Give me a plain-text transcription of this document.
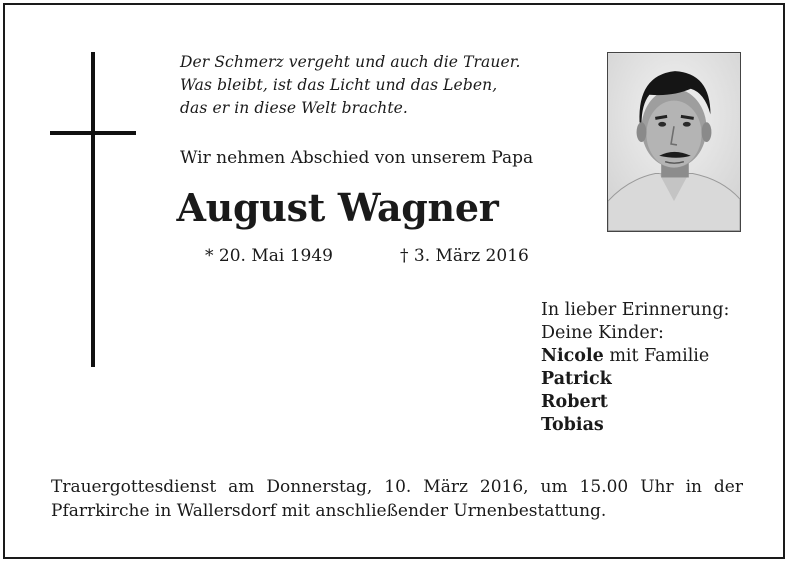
Der Schmerz vergeht und auch die Trauer.
Was bleibt, ist das Licht und das Leben,
das er in diese Welt brachte.
Wir nehmen Abschied von unserem Papa
August Wagner
* 20. Mai 1949	† 3. März 2016
In lieber Erinnerung:
Deine Kinder:
Nicole mit Familie
Patrick
Robert
Tobias
Trauergottesdienst am Donnerstag, 10. März 2016, um 15.00 Uhr in der Pfarrkirche in Wallersdorf mit anschließender Urnenbestattung.
